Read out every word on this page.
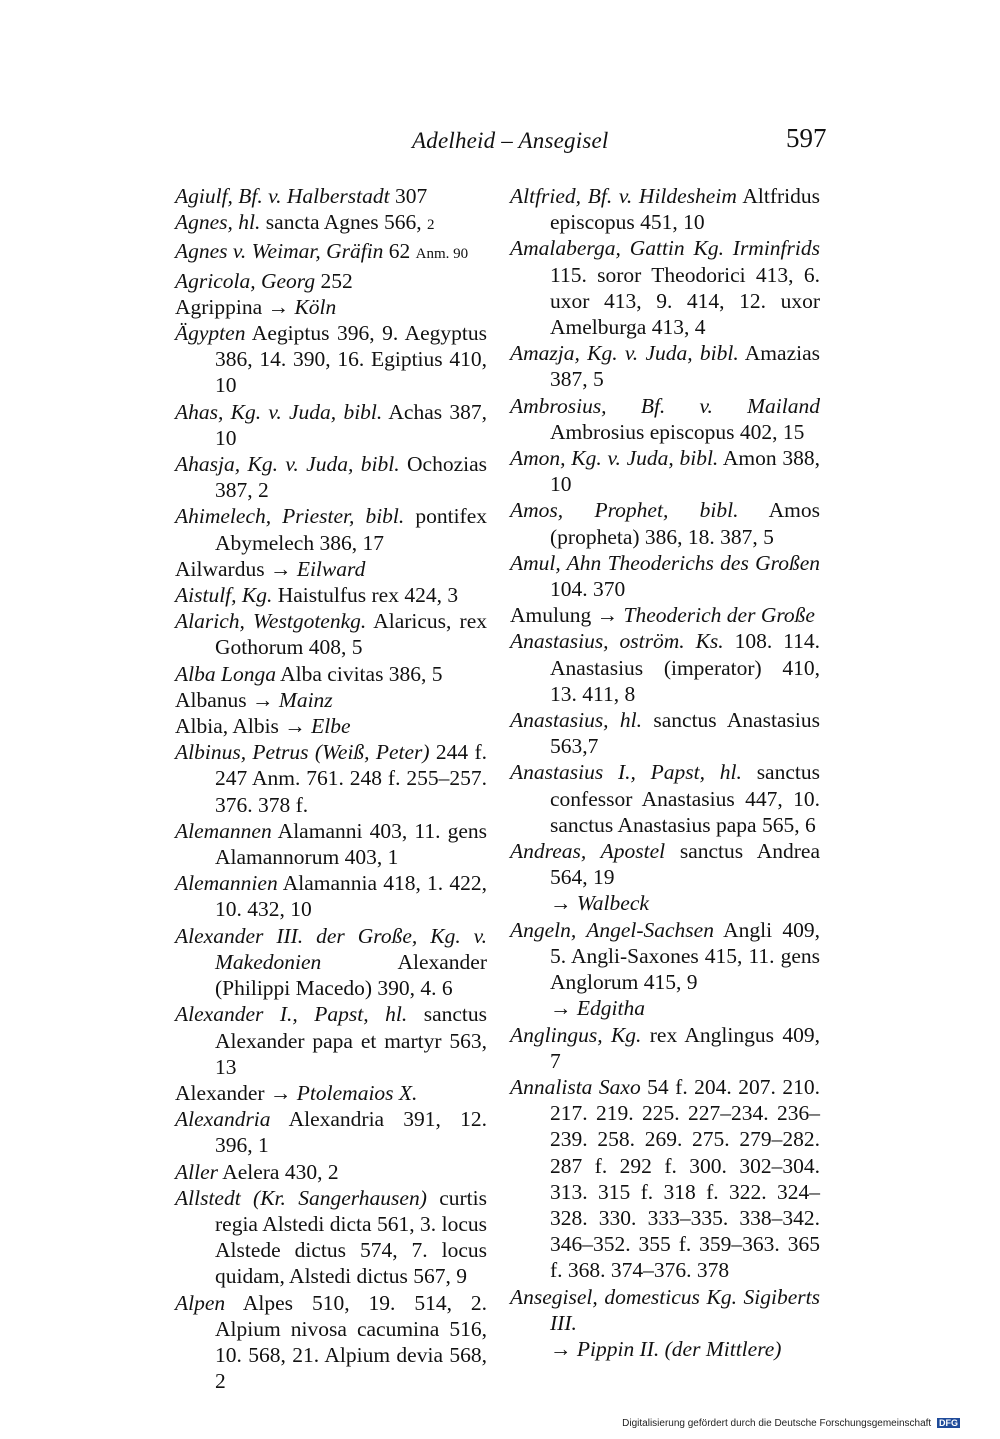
Adelheid – Ansegisel	597
Agiulf, Bf. v. Halberstadt 307
Agnes, hl. sancta Agnes 566, 2
Agnes v. Weimar, Gräfin 62 Anm. 90
Agricola, Georg 252
Agrippina → Köln
Ägypten Aegiptus 396, 9. Aegyptus 386, 14. 390, 16. Egiptius 410, 10
Ahas, Kg. v. Juda, bibl. Achas 387, 10
Ahasja, Kg. v. Juda, bibl. Ochozias 387, 2
Ahimelech, Priester, bibl. pontifex Abymelech 386, 17
Ailwardus → Eilward
Aistulf, Kg. Haistulfus rex 424, 3
Alarich, Westgotenkg. Alaricus, rex Gothorum 408, 5
Alba Longa Alba civitas 386, 5
Albanus → Mainz
Albia, Albis → Elbe
Albinus, Petrus (Weiß, Peter) 244 f. 247 Anm. 761. 248 f. 255–257. 376. 378 f.
Alemannen Alamanni 403, 11. gens Alamannorum 403, 1
Alemannien Alamannia 418, 1. 422, 10. 432, 10
Alexander III. der Große, Kg. v. Makedonien Alexander (Philippi Macedo) 390, 4. 6
Alexander I., Papst, hl. sanctus Alexander papa et martyr 563, 13
Alexander → Ptolemaios X.
Alexandria Alexandria 391, 12. 396, 1
Aller Aelera 430, 2
Allstedt (Kr. Sangerhausen) curtis regia Alstedi dicta 561, 3. locus Alstede dictus 574, 7. locus quidam, Alstedi dictus 567, 9
Alpen Alpes 510, 19. 514, 2. Alpium nivosa cacumina 516, 10. 568, 21. Alpium devia 568, 2
Altfried, Bf. v. Hildesheim Altfridus episcopus 451, 10
Amalaberga, Gattin Kg. Irminfrids 115. soror Theodorici 413, 6. uxor 413, 9. 414, 12. uxor Amelburga 413, 4
Amazja, Kg. v. Juda, bibl. Amazias 387, 5
Ambrosius, Bf. v. Mailand Ambrosius episcopus 402, 15
Amon, Kg. v. Juda, bibl. Amon 388, 10
Amos, Prophet, bibl. Amos (propheta) 386, 18. 387, 5
Amul, Ahn Theoderichs des Großen 104. 370
Amulung → Theoderich der Große
Anastasius, oström. Ks. 108. 114. Anastasius (imperator) 410, 13. 411, 8
Anastasius, hl. sanctus Anastasius 563,7
Anastasius I., Papst, hl. sanctus confessor Anastasius 447, 10. sanctus Anastasius papa 565, 6
Andreas, Apostel sanctus Andrea 564, 19
→ Walbeck
Angeln, Angel-Sachsen Angli 409, 5. Angli-Saxones 415, 11. gens Anglorum 415, 9
→ Edgitha
Anglingus, Kg. rex Anglingus 409, 7
Annalista Saxo 54 f. 204. 207. 210. 217. 219. 225. 227–234. 236–239. 258. 269. 275. 279–282. 287 f. 292 f. 300. 302–304. 313. 315 f. 318 f. 322. 324–328. 330. 333–335. 338–342. 346–352. 355 f. 359–363. 365 f. 368. 374–376. 378
Ansegisel, domesticus Kg. Sigiberts III.
→ Pippin II. (der Mittlere)
Digitalisierung gefördert durch die Deutsche Forschungsgemeinschaft DFG
